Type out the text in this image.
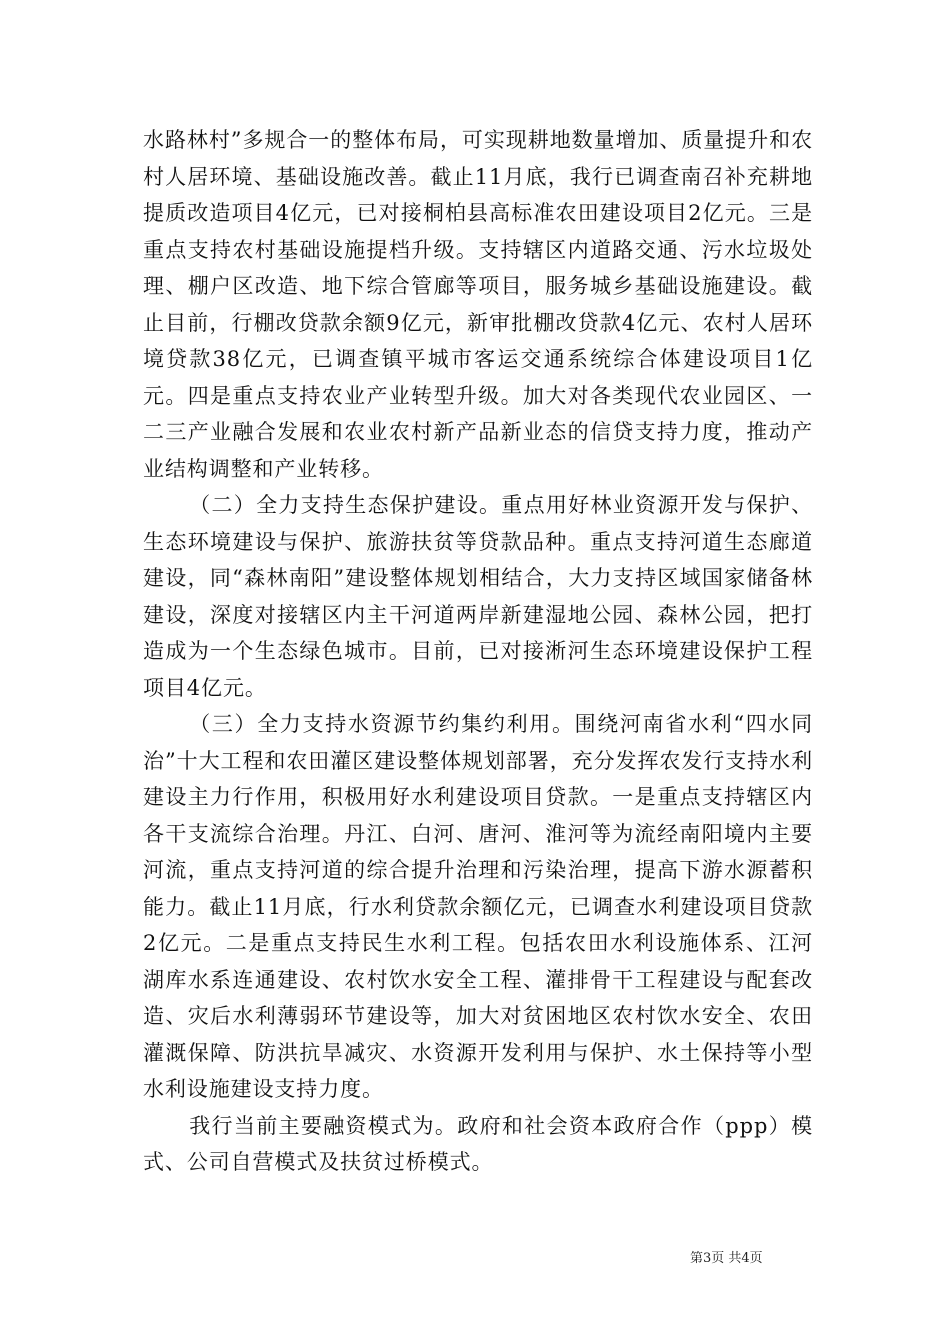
水路林村”多规合一的整体布局，可实现耕地数量增加、质量提升和农村人居环境、基础设施改善。截止11月底，我行已调查南召补充耕地提质改造项目4亿元，已对接桐柏县高标准农田建设项目2亿元。三是重点支持农村基础设施提档升级。支持辖区内道路交通、污水垃圾处理、棚户区改造、地下综合管廊等项目，服务城乡基础设施建设。截止目前，行棚改贷款余额9亿元，新审批棚改贷款4亿元、农村人居环境贷款38亿元，已调查镇平城市客运交通系统综合体建设项目1亿元。四是重点支持农业产业转型升级。加大对各类现代农业园区、一二三产业融合发展和农业农村新产品新业态的信贷支持力度，推动产业结构调整和产业转移。

（二）全力支持生态保护建设。重点用好林业资源开发与保护、生态环境建设与保护、旅游扶贫等贷款品种。重点支持河道生态廊道建设，同“森林南阳”建设整体规划相结合，大力支持区域国家储备林建设，深度对接辖区内主干河道两岸新建湿地公园、森林公园，把打造成为一个生态绿色城市。目前，已对接淅河生态环境建设保护工程项目4亿元。

（三）全力支持水资源节约集约利用。围绕河南省水利“四水同治”十大工程和农田灌区建设整体规划部署，充分发挥农发行支持水利建设主力行作用，积极用好水利建设项目贷款。一是重点支持辖区内各干支流综合治理。丹江、白河、唐河、淮河等为流经南阳境内主要河流，重点支持河道的综合提升治理和污染治理，提高下游水源蓄积能力。截止11月底，行水利贷款余额亿元，已调查水利建设项目贷款2亿元。二是重点支持民生水利工程。包括农田水利设施体系、江河湖库水系连通建设、农村饮水安全工程、灌排骨干工程建设与配套改造、灾后水利薄弱环节建设等，加大对贫困地区农村饮水安全、农田灌溉保障、防洪抗旱减灾、水资源开发利用与保护、水土保持等小型水利设施建设支持力度。

我行当前主要融资模式为。政府和社会资本政府合作（ppp）模式、公司自营模式及扶贫过桥模式。

第3页 共4页
